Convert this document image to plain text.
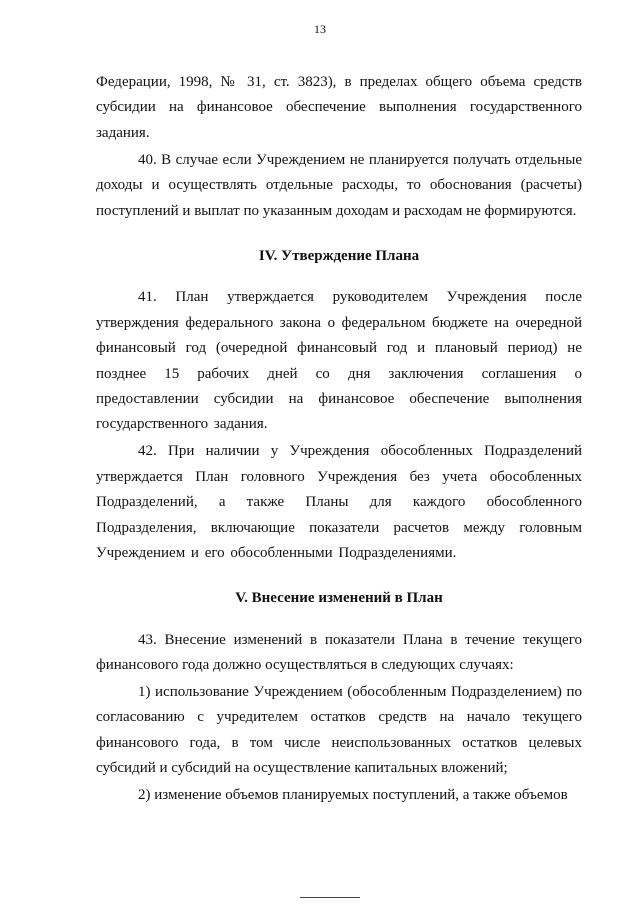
13

Федерации, 1998, № 31, ст. 3823), в пределах общего объема средств субсидии на финансовое обеспечение выполнения государственного задания.

40. В случае если Учреждением не планируется получать отдельные доходы и осуществлять отдельные расходы, то обоснования (расчеты) поступлений и выплат по указанным доходам и расходам не формируются.

IV. Утверждение Плана

41. План утверждается руководителем Учреждения после утверждения федерального закона о федеральном бюджете на очередной финансовый год (очередной финансовый год и плановый период) не позднее 15 рабочих дней со дня заключения соглашения о предоставлении субсидии на финансовое обеспечение выполнения государственного задания.

42. При наличии у Учреждения обособленных Подразделений утверждается План головного Учреждения без учета обособленных Подразделений, а также Планы для каждого обособленного Подразделения, включающие показатели расчетов между головным Учреждением и его обособленными Подразделениями.

V. Внесение изменений в План

43. Внесение изменений в показатели Плана в течение текущего финансового года должно осуществляться в следующих случаях:

1) использование Учреждением (обособленным Подразделением) по согласованию с учредителем остатков средств на начало текущего финансового года, в том числе неиспользованных остатков целевых субсидий и субсидий на осуществление капитальных вложений;

2) изменение объемов планируемых поступлений, а также объемов
